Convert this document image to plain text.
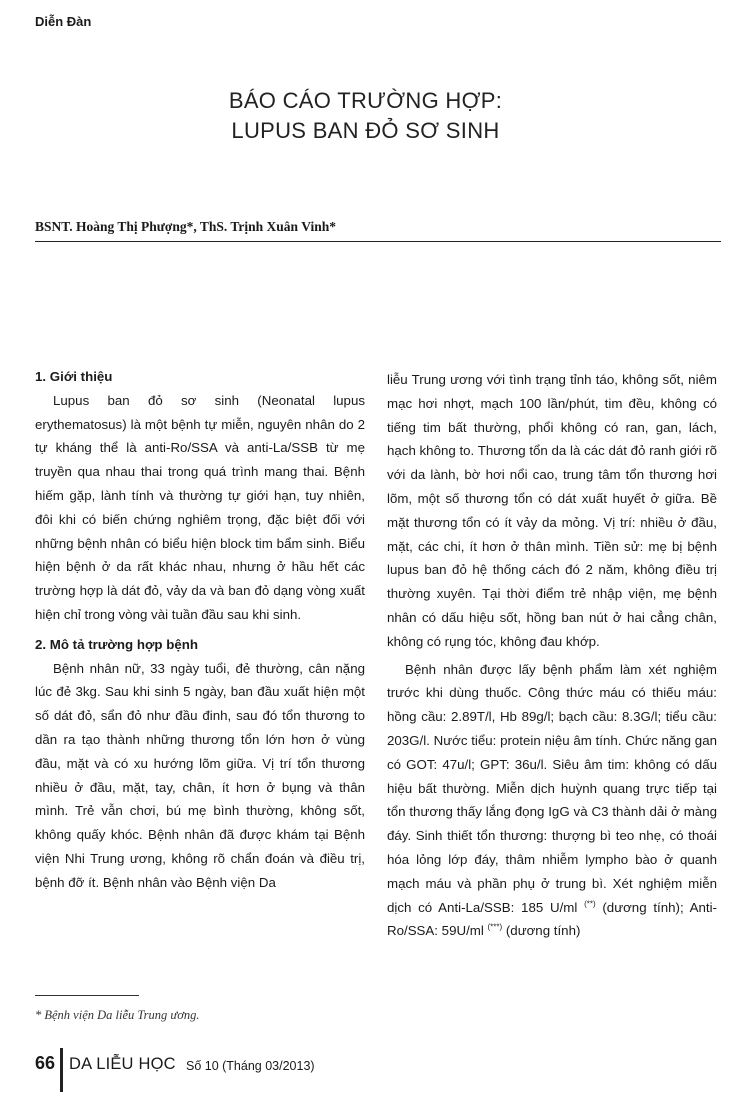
Diễn Đàn
BÁO CÁO TRƯỜNG HỢP:
LUPUS BAN ĐỎ SƠ SINH
BSNT. Hoàng Thị Phượng*, ThS. Trịnh Xuân Vinh*
1. Giới thiệu

Lupus ban đỏ sơ sinh (Neonatal lupus erythematosus) là một bệnh tự miễn, nguyên nhân do 2 tự kháng thể là anti-Ro/SSA và anti-La/SSB từ mẹ truyền qua nhau thai trong quá trình mang thai. Bệnh hiếm gặp, lành tính và thường tự giới hạn, tuy nhiên, đôi khi có biến chứng nghiêm trọng, đặc biệt đối với những bệnh nhân có biểu hiện block tim bẩm sinh. Biểu hiện bệnh ở da rất khác nhau, nhưng ở hầu hết các trường hợp là dát đỏ, vảy da và ban đỏ dạng vòng xuất hiện chỉ trong vòng vài tuần đầu sau khi sinh.

2. Mô tả trường hợp bệnh

Bệnh nhân nữ, 33 ngày tuổi, đẻ thường, cân nặng lúc đẻ 3kg. Sau khi sinh 5 ngày, ban đầu xuất hiện một số dát đỏ, sẩn đỏ như đầu đinh, sau đó tổn thương to dần ra tạo thành những thương tổn lớn hơn ở vùng đầu, mặt và có xu hướng lõm giữa. Vị trí tổn thương nhiều ở đầu, mặt, tay, chân, ít hơn ở bụng và thân mình. Trẻ vẫn chơi, bú mẹ bình thường, không sốt, không quấy khóc. Bệnh nhân đã được khám tại Bệnh viện Nhi Trung ương, không rõ chẩn đoán và điều trị, bệnh đỡ ít. Bệnh nhân vào Bệnh viện Da

liễu Trung ương với tình trạng tỉnh táo, không sốt, niêm mạc hơi nhợt, mạch 100 lần/phút, tim đều, không có tiếng tim bất thường, phổi không có ran, gan, lách, hạch không to. Thương tổn da là các dát đỏ ranh giới rõ với da lành, bờ hơi nổi cao, trung tâm tổn thương hơi lõm, một số thương tổn có dát xuất huyết ở giữa. Bề mặt thương tổn có ít vảy da mỏng. Vị trí: nhiều ở đầu, mặt, các chi, ít hơn ở thân mình. Tiền sử: mẹ bị bệnh lupus ban đỏ hệ thống cách đó 2 năm, không điều trị thường xuyên. Tại thời điểm trẻ nhập viện, mẹ bệnh nhân có dấu hiệu sốt, hồng ban nút ở hai cẳng chân, không có rụng tóc, không đau khớp.

Bệnh nhân được lấy bệnh phẩm làm xét nghiệm trước khi dùng thuốc. Công thức máu có thiếu máu: hồng cầu: 2.89T/l, Hb 89g/l; bạch cầu: 8.3G/l; tiểu cầu: 203G/l. Nước tiểu: protein niệu âm tính. Chức năng gan có GOT: 47u/l; GPT: 36u/l. Siêu âm tim: không có dấu hiệu bất thường. Miễn dịch huỳnh quang trực tiếp tại tổn thương thấy lắng đọng IgG và C3 thành dải ở màng đáy. Sinh thiết tổn thương: thượng bì teo nhẹ, có thoái hóa lỏng lớp đáy, thâm nhiễm lympho bào ở quanh mạch máu và phần phụ ở trung bì. Xét nghiệm miễn dịch có Anti-La/SSB: 185 U/ml (**) (dương tính); Anti-Ro/SSA: 59U/ml (***) (dương tính)

* Bệnh viện Da liễu Trung ương.
66 DA LIỄU HỌC Số 10 (Tháng 03/2013)
